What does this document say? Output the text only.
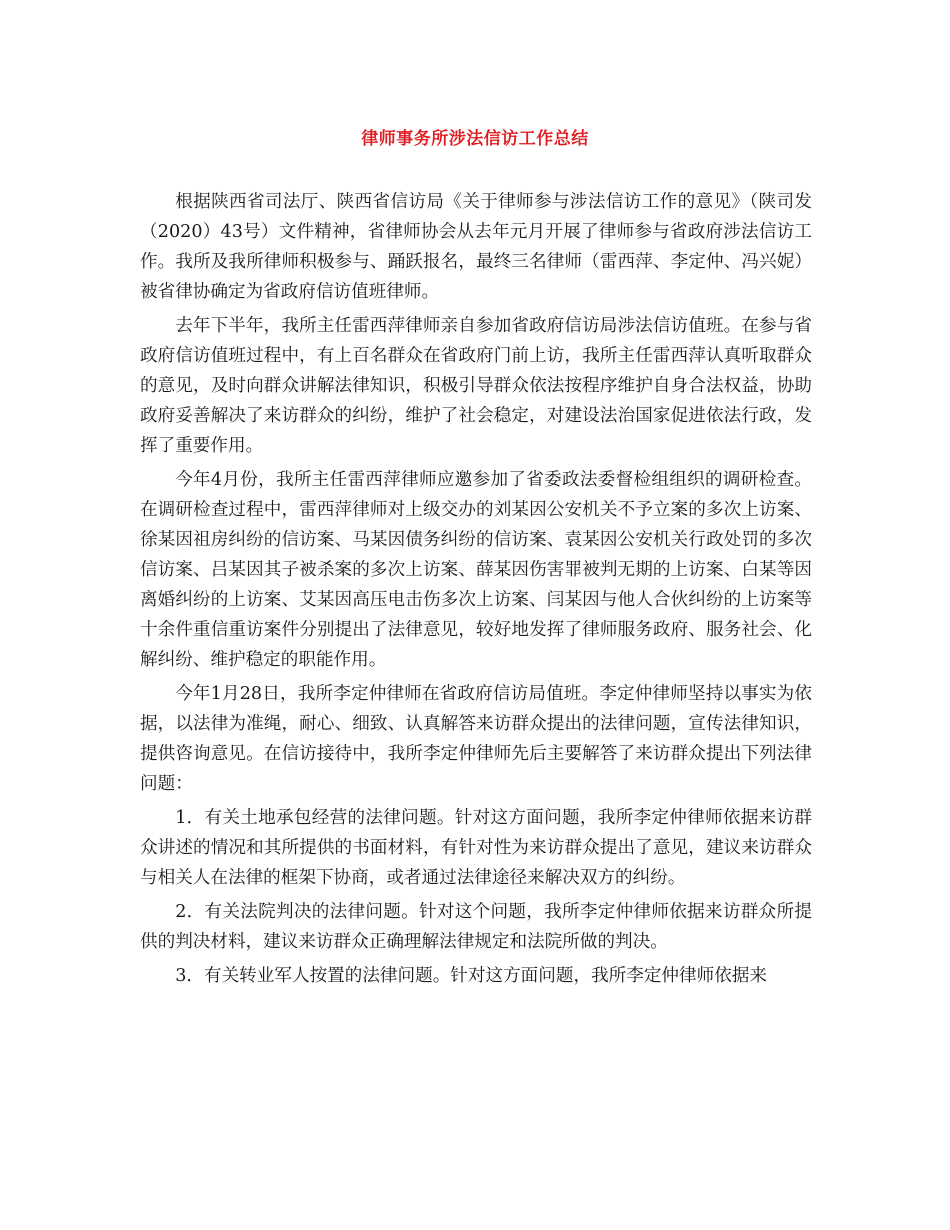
律师事务所涉法信访工作总结

根据陕西省司法厅、陕西省信访局《关于律师参与涉法信访工作的意见》（陕司发（2020）43号）文件精神，省律师协会从去年元月开展了律师参与省政府涉法信访工作。我所及我所律师积极参与、踊跃报名，最终三名律师（雷西萍、李定仲、冯兴妮）被省律协确定为省政府信访值班律师。

去年下半年，我所主任雷西萍律师亲自参加省政府信访局涉法信访值班。在参与省政府信访值班过程中，有上百名群众在省政府门前上访，我所主任雷西萍认真听取群众的意见，及时向群众讲解法律知识，积极引导群众依法按程序维护自身合法权益，协助政府妥善解决了来访群众的纠纷，维护了社会稳定，对建设法治国家促进依法行政，发挥了重要作用。

今年4月份，我所主任雷西萍律师应邀参加了省委政法委督检组组织的调研检查。在调研检查过程中，雷西萍律师对上级交办的刘某因公安机关不予立案的多次上访案、徐某因祖房纠纷的信访案、马某因债务纠纷的信访案、袁某因公安机关行政处罚的多次信访案、吕某因其子被杀案的多次上访案、薛某因伤害罪被判无期的上访案、白某等因离婚纠纷的上访案、艾某因高压电击伤多次上访案、闫某因与他人合伙纠纷的上访案等十余件重信重访案件分别提出了法律意见，较好地发挥了律师服务政府、服务社会、化解纠纷、维护稳定的职能作用。

今年1月28日，我所李定仲律师在省政府信访局值班。李定仲律师坚持以事实为依据，以法律为准绳，耐心、细致、认真解答来访群众提出的法律问题，宣传法律知识，提供咨询意见。在信访接待中，我所李定仲律师先后主要解答了来访群众提出下列法律问题：

1．有关土地承包经营的法律问题。针对这方面问题，我所李定仲律师依据来访群众讲述的情况和其所提供的书面材料，有针对性为来访群众提出了意见，建议来访群众与相关人在法律的框架下协商，或者通过法律途径来解决双方的纠纷。

2．有关法院判决的法律问题。针对这个问题，我所李定仲律师依据来访群众所提供的判决材料，建议来访群众正确理解法律规定和法院所做的判决。

3．有关转业军人按置的法律问题。针对这方面问题，我所李定仲律师依据来
